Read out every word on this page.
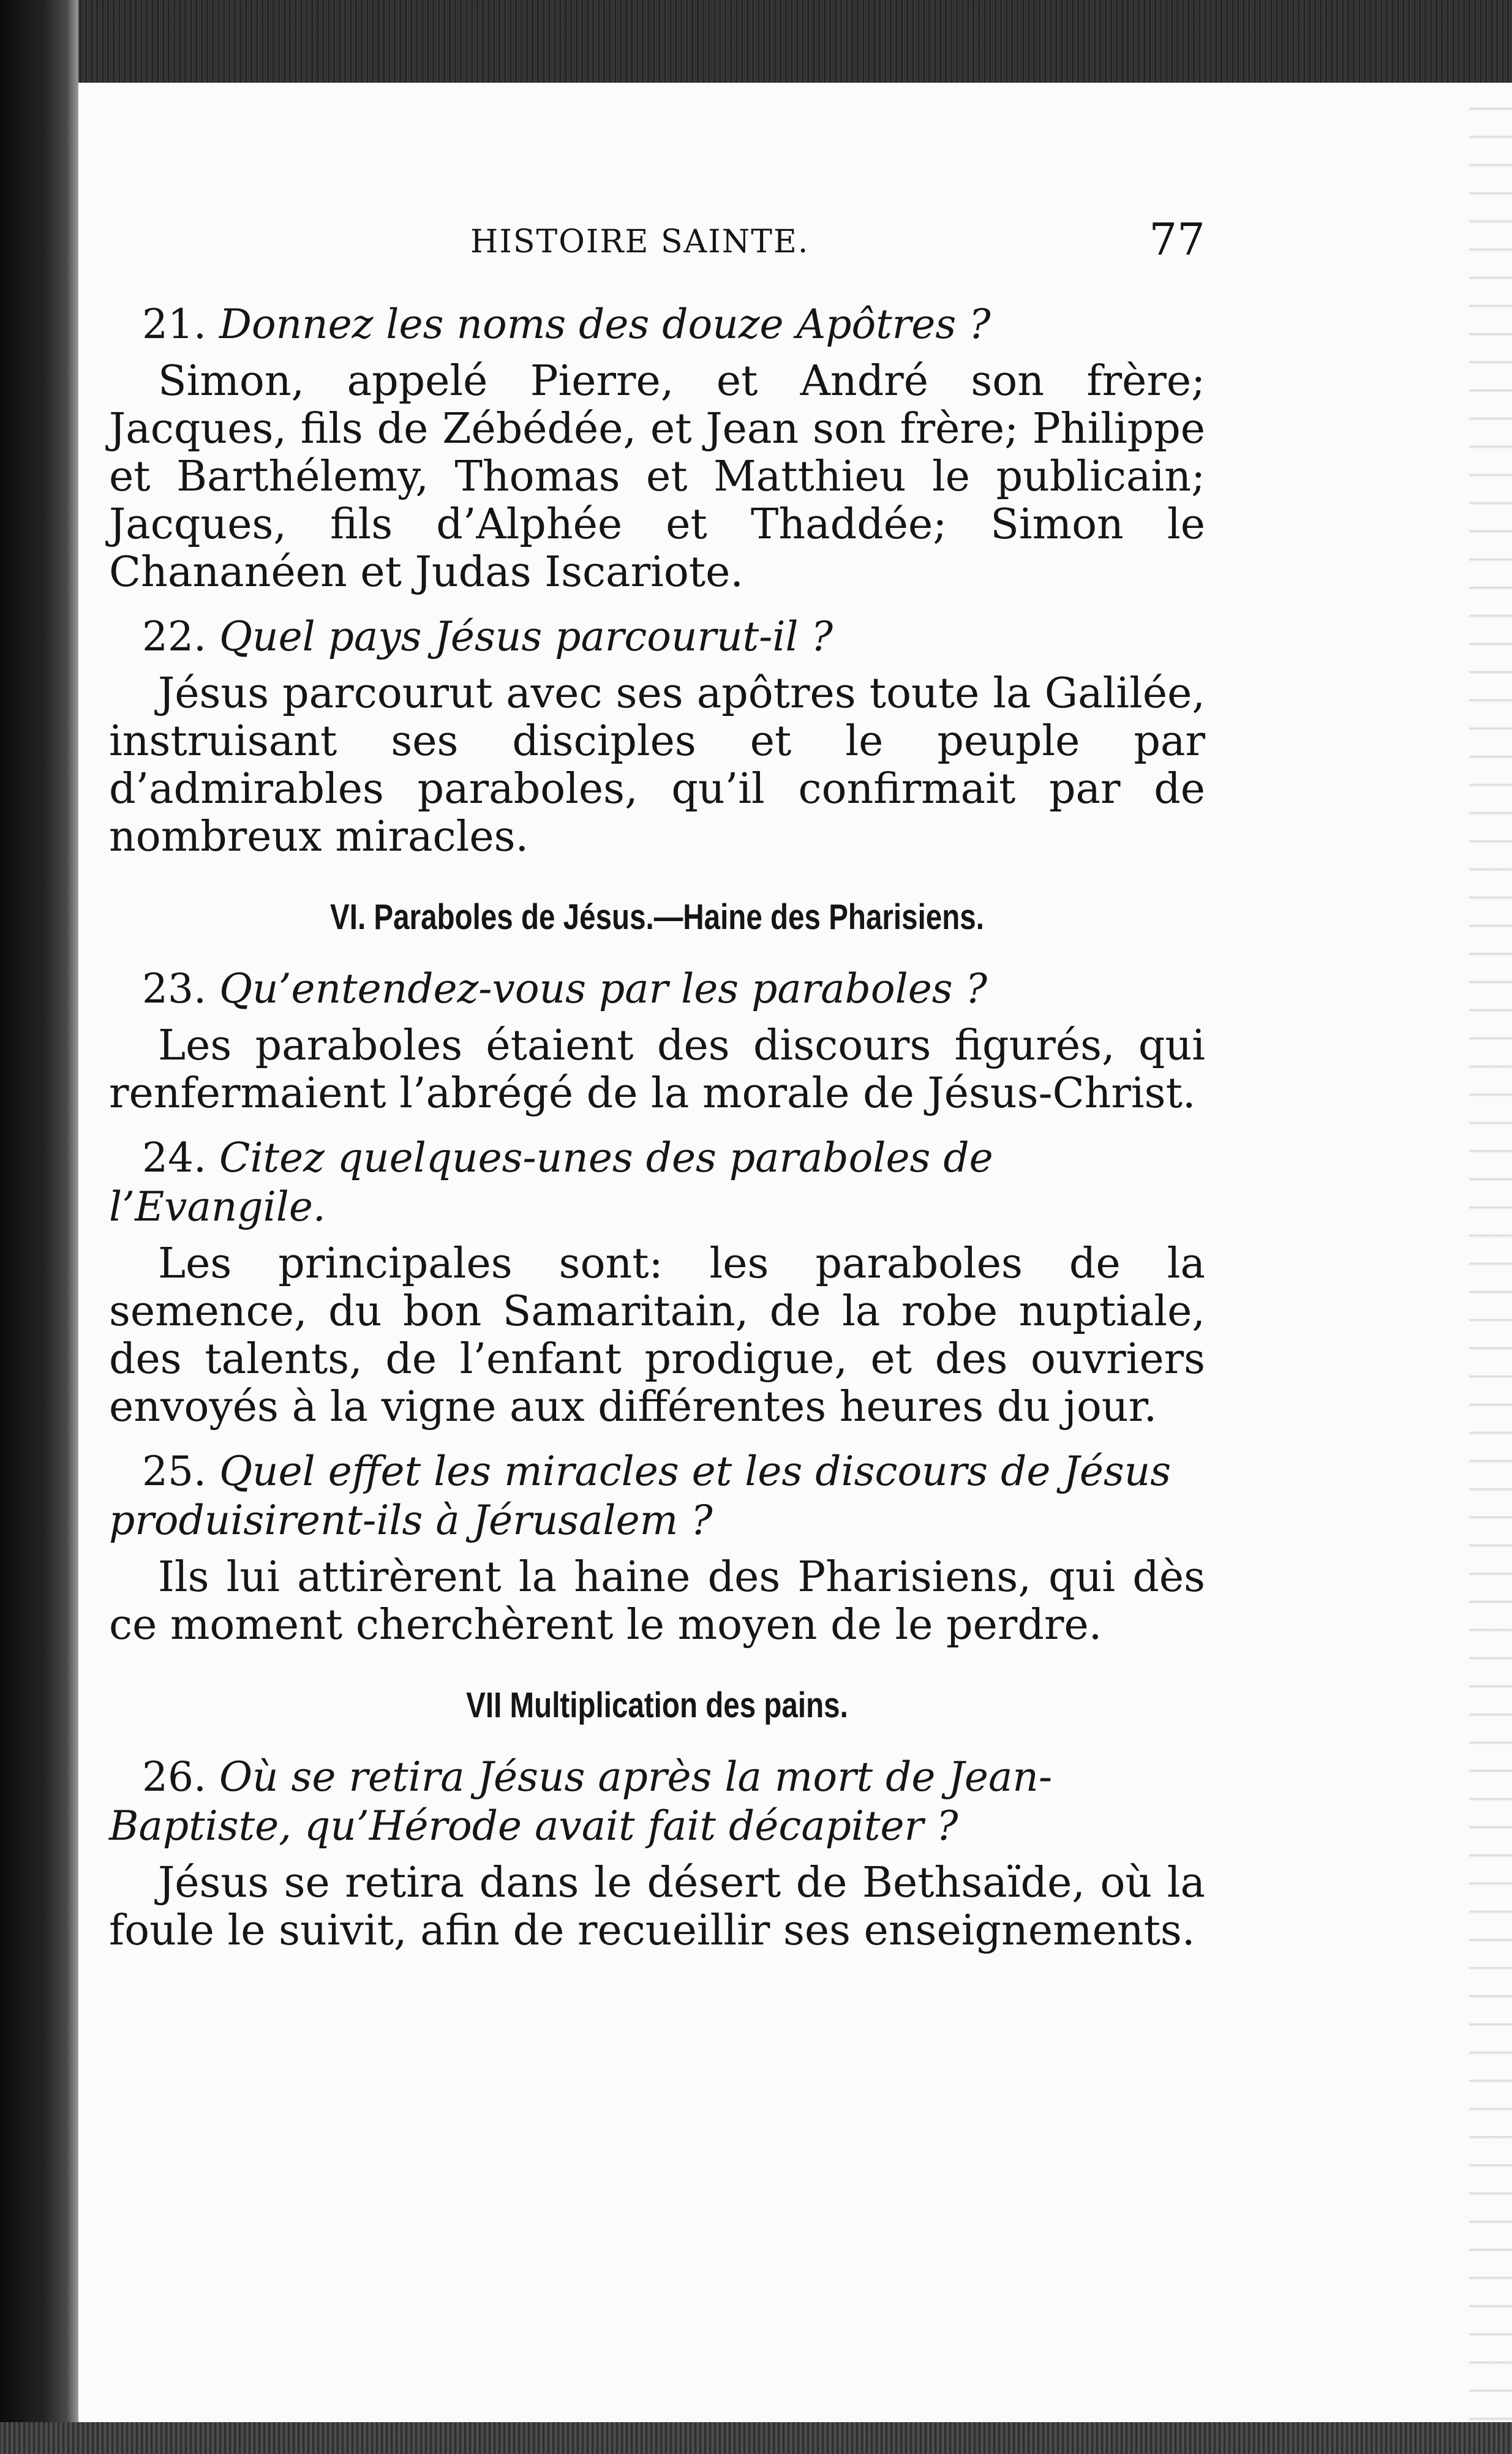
HISTOIRE SAINTE.	77

21. Donnez les noms des douze Apôtres ?

Simon, appelé Pierre, et André son frère; Jacques, fils de Zébédée, et Jean son frère; Philippe et Barthélemy, Thomas et Matthieu le publicain; Jacques, fils d’Alphée et Thaddée; Simon le Chananéen et Judas Iscariote.

22. Quel pays Jésus parcourut-il ?

Jésus parcourut avec ses apôtres toute la Galilée, instruisant ses disciples et le peuple par d’admirables paraboles, qu’il confirmait par de nombreux miracles.

VI. Paraboles de Jésus.—Haine des Pharisiens.

23. Qu’entendez-vous par les paraboles ?

Les paraboles étaient des discours figurés, qui renfermaient l’abrégé de la morale de Jésus-Christ.

24. Citez quelques-unes des paraboles de l’Evangile.

Les principales sont: les paraboles de la semence, du bon Samaritain, de la robe nuptiale, des talents, de l’enfant prodigue, et des ouvriers envoyés à la vigne aux différentes heures du jour.

25. Quel effet les miracles et les discours de Jésus produisirent-ils à Jérusalem ?

Ils lui attirèrent la haine des Pharisiens, qui dès ce moment cherchèrent le moyen de le perdre.

VII Multiplication des pains.

26. Où se retira Jésus après la mort de Jean-Baptiste, qu’Hérode avait fait décapiter ?

Jésus se retira dans le désert de Bethsaïde, où la foule le suivit, afin de recueillir ses enseignements.
